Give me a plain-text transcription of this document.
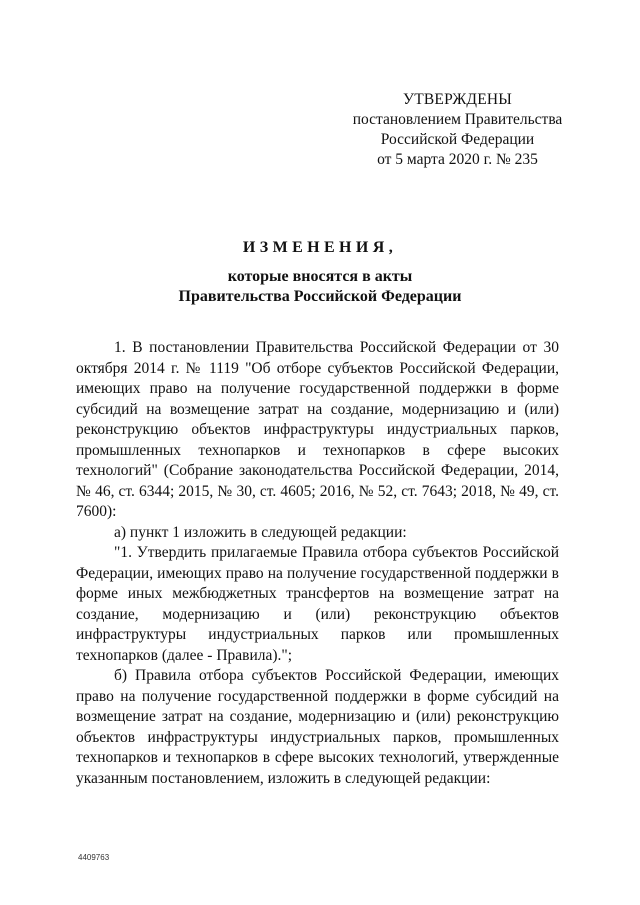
УТВЕРЖДЕНЫ
постановлением Правительства
Российской Федерации
от 5 марта 2020 г. № 235
ИЗМЕНЕНИЯ,
которые вносятся в акты
Правительства Российской Федерации

1. В постановлении Правительства Российской Федерации от 30 октября 2014 г. № 1119 "Об отборе субъектов Российской Федерации, имеющих право на получение государственной поддержки в форме субсидий на возмещение затрат на создание, модернизацию и (или) реконструкцию объектов инфраструктуры индустриальных парков, промышленных технопарков и технопарков в сфере высоких технологий" (Собрание законодательства Российской Федерации, 2014, № 46, ст. 6344; 2015, № 30, ст. 4605; 2016, № 52, ст. 7643; 2018, № 49, ст. 7600):

а) пункт 1 изложить в следующей редакции:

"1. Утвердить прилагаемые Правила отбора субъектов Российской Федерации, имеющих право на получение государственной поддержки в форме иных межбюджетных трансфертов на возмещение затрат на создание, модернизацию и (или) реконструкцию объектов инфраструктуры индустриальных парков или промышленных технопарков (далее - Правила).";

б) Правила отбора субъектов Российской Федерации, имеющих право на получение государственной поддержки в форме субсидий на возмещение затрат на создание, модернизацию и (или) реконструкцию объектов инфраструктуры индустриальных парков, промышленных технопарков и технопарков в сфере высоких технологий, утвержденные указанным постановлением, изложить в следующей редакции:

4409763
